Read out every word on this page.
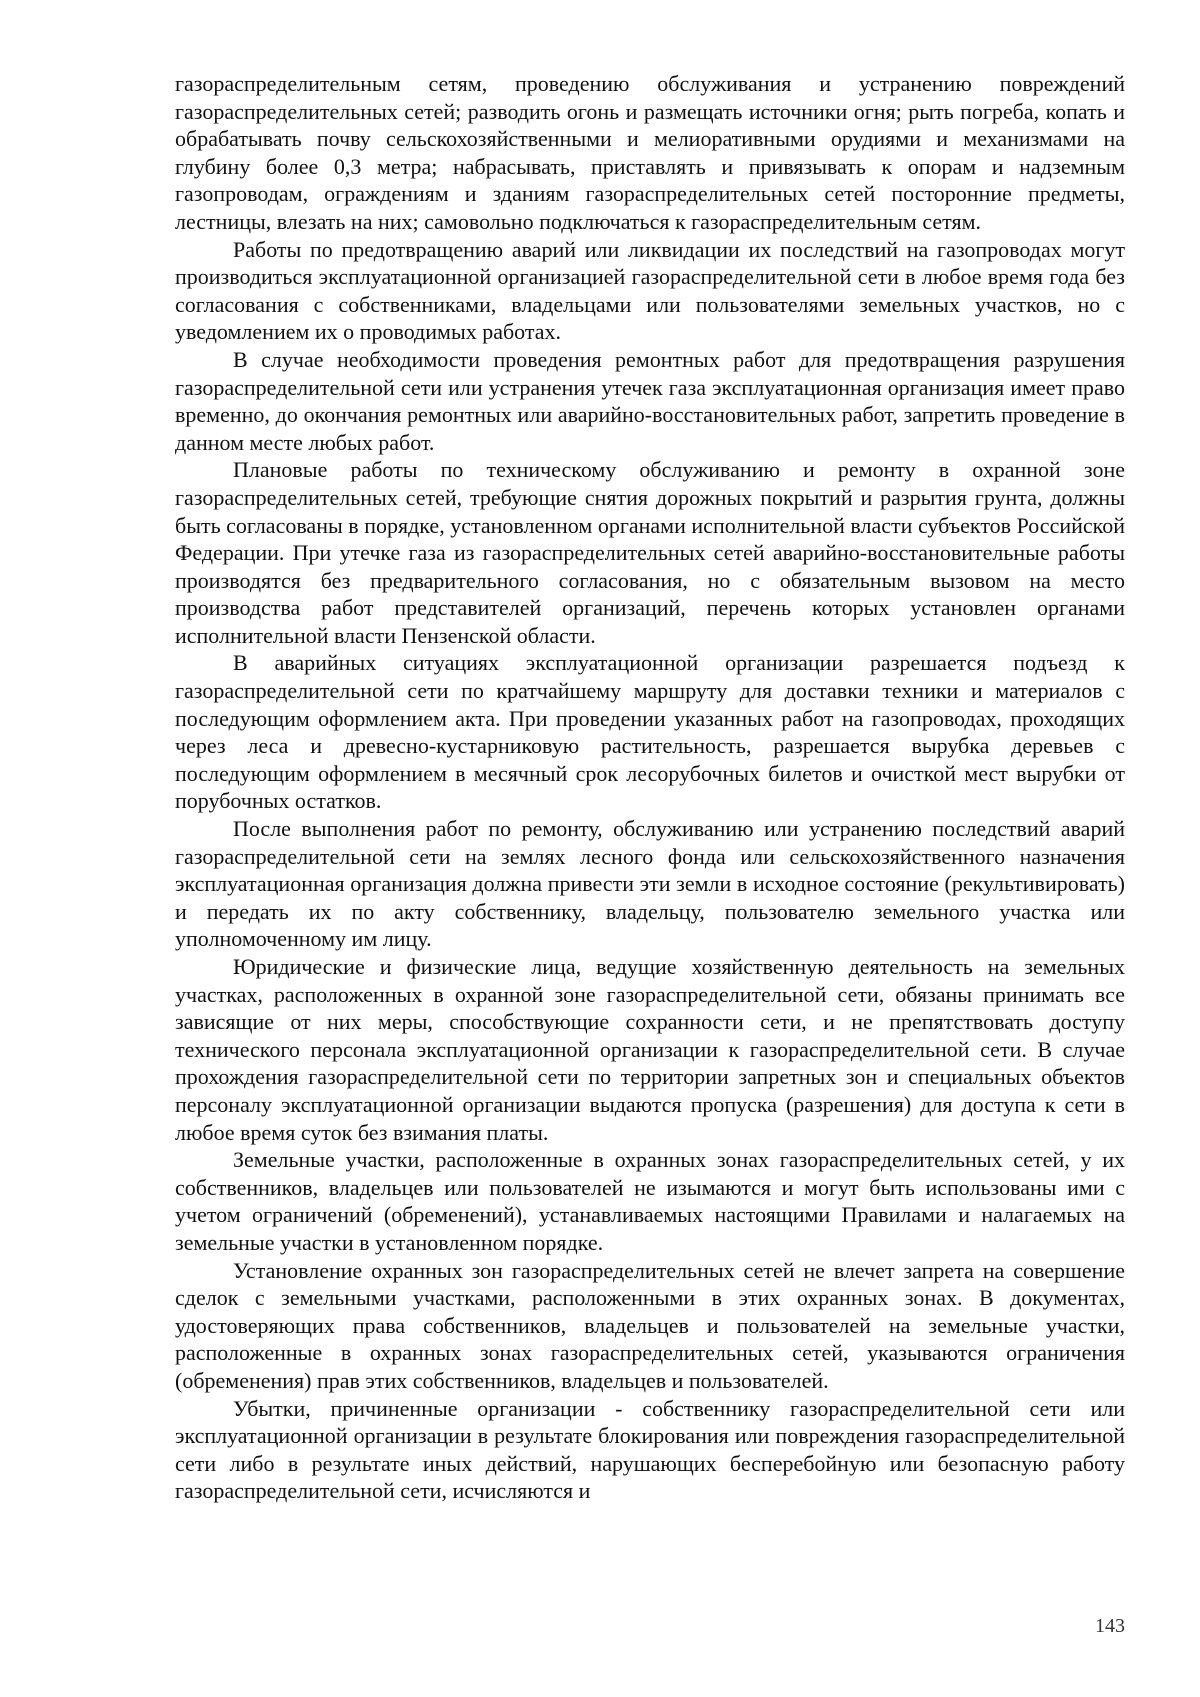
газораспределительным сетям, проведению обслуживания и устранению повреждений газораспределительных сетей; разводить огонь и размещать источники огня; рыть погреба, копать и обрабатывать почву сельскохозяйственными и мелиоративными орудиями и механизмами на глубину более 0,3 метра; набрасывать, приставлять и привязывать к опорам и надземным газопроводам, ограждениям и зданиям газораспределительных сетей посторонние предметы, лестницы, влезать на них; самовольно подключаться к газораспределительным сетям.

Работы по предотвращению аварий или ликвидации их последствий на газопроводах могут производиться эксплуатационной организацией газораспределительной сети в любое время года без согласования с собственниками, владельцами или пользователями земельных участков, но с уведомлением их о проводимых работах.

В случае необходимости проведения ремонтных работ для предотвращения разрушения газораспределительной сети или устранения утечек газа эксплуатационная организация имеет право временно, до окончания ремонтных или аварийно-восстановительных работ, запретить проведение в данном месте любых работ.

Плановые работы по техническому обслуживанию и ремонту в охранной зоне газораспределительных сетей, требующие снятия дорожных покрытий и разрытия грунта, должны быть согласованы в порядке, установленном органами исполнительной власти субъектов Российской Федерации. При утечке газа из газораспределительных сетей аварийно-восстановительные работы производятся без предварительного согласования, но с обязательным вызовом на место производства работ представителей организаций, перечень которых установлен органами исполнительной власти Пензенской области.

В аварийных ситуациях эксплуатационной организации разрешается подъезд к газораспределительной сети по кратчайшему маршруту для доставки техники и материалов с последующим оформлением акта. При проведении указанных работ на газопроводах, проходящих через леса и древесно-кустарниковую растительность, разрешается вырубка деревьев с последующим оформлением в месячный срок лесорубочных билетов и очисткой мест вырубки от порубочных остатков.

После выполнения работ по ремонту, обслуживанию или устранению последствий аварий газораспределительной сети на землях лесного фонда или сельскохозяйственного назначения эксплуатационная организация должна привести эти земли в исходное состояние (рекультивировать) и передать их по акту собственнику, владельцу, пользователю земельного участка или уполномоченному им лицу.

Юридические и физические лица, ведущие хозяйственную деятельность на земельных участках, расположенных в охранной зоне газораспределительной сети, обязаны принимать все зависящие от них меры, способствующие сохранности сети, и не препятствовать доступу технического персонала эксплуатационной организации к газораспределительной сети. В случае прохождения газораспределительной сети по территории запретных зон и специальных объектов персоналу эксплуатационной организации выдаются пропуска (разрешения) для доступа к сети в любое время суток без взимания платы.

Земельные участки, расположенные в охранных зонах газораспределительных сетей, у их собственников, владельцев или пользователей не изымаются и могут быть использованы ими с учетом ограничений (обременений), устанавливаемых настоящими Правилами и налагаемых на земельные участки в установленном порядке.

Установление охранных зон газораспределительных сетей не влечет запрета на совершение сделок с земельными участками, расположенными в этих охранных зонах. В документах, удостоверяющих права собственников, владельцев и пользователей на земельные участки, расположенные в охранных зонах газораспределительных сетей, указываются ограничения (обременения) прав этих собственников, владельцев и пользователей.

Убытки, причиненные организации - собственнику газораспределительной сети или эксплуатационной организации в результате блокирования или повреждения газораспределительной сети либо в результате иных действий, нарушающих бесперебойную или безопасную работу газораспределительной сети, исчисляются и

143
